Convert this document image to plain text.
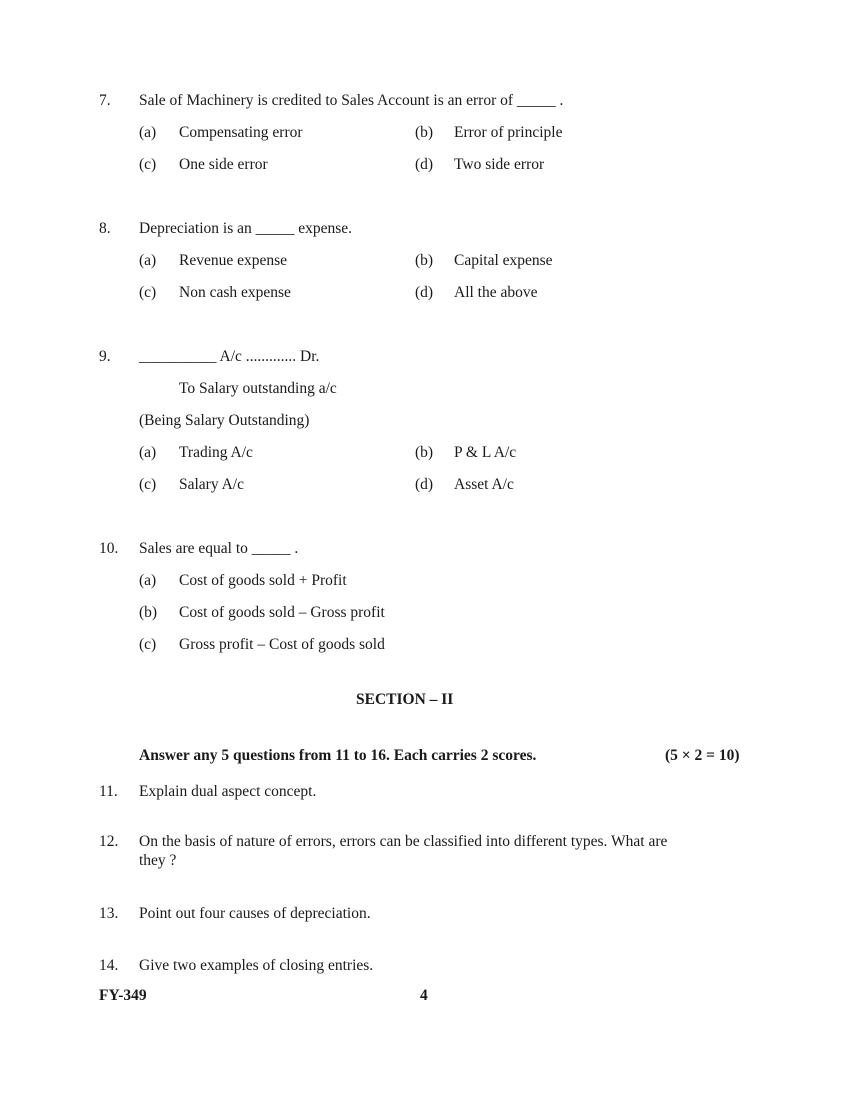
7. Sale of Machinery is credited to Sales Account is an error of _____ .
(a) Compensating error	(b) Error of principle
(c) One side error	(d) Two side error
8. Depreciation is an _____ expense.
(a) Revenue expense	(b) Capital expense
(c) Non cash expense	(d) All the above
9. __________ A/c ............. Dr.
To Salary outstanding a/c
(Being Salary Outstanding)
(a) Trading A/c	(b) P & L A/c
(c) Salary A/c	(d) Asset A/c
10. Sales are equal to _____ .
(a) Cost of goods sold + Profit
(b) Cost of goods sold – Gross profit
(c) Gross profit – Cost of goods sold
SECTION – II
Answer any 5 questions from 11 to 16. Each carries 2 scores.	(5 × 2 = 10)
11. Explain dual aspect concept.
12. On the basis of nature of errors, errors can be classified into different types. What are
they ?
13. Point out four causes of depreciation.
14. Give two examples of closing entries.
FY-349	4
